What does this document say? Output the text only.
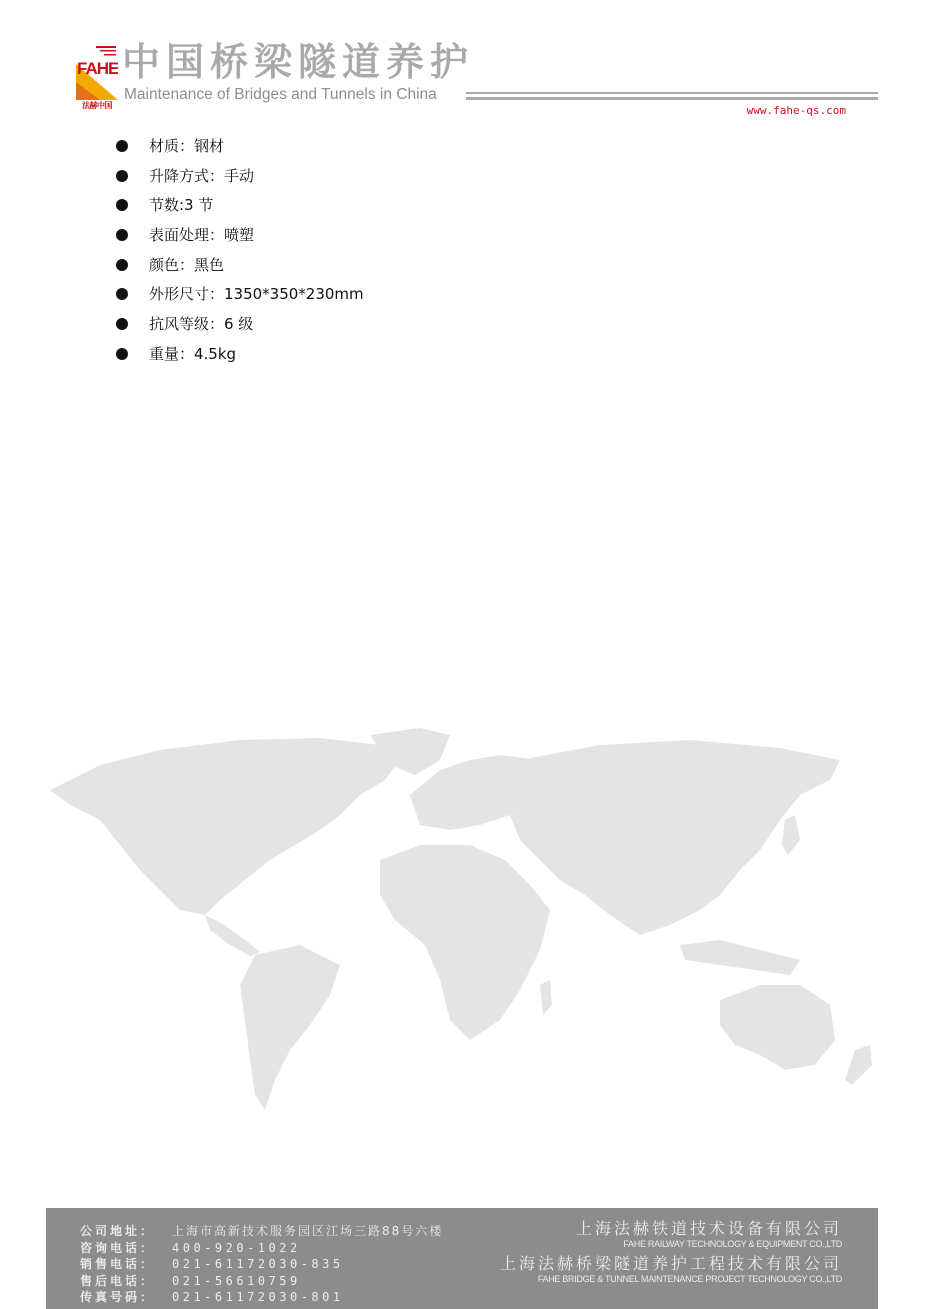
FAHE
法赫中国
中国桥梁隧道养护
Maintenance of Bridges and Tunnels in China
www.fahe-qs.com
材质：钢材
升降方式：手动
节数:3 节
表面处理：喷塑
颜色：黑色
外形尺寸：1350*350*230mm
抗风等级：6 级
重量：4.5kg
公司地址： 上海市高新技术服务园区江场三路88号六楼
咨询电话： 400-920-1022
销售电话： 021-61172030-835
售后电话： 021-56610759
传真号码： 021-61172030-801
上海法赫铁道技术设备有限公司
FAHE RAILWAY TECHNOLOGY & EQUIPMENT CO.,LTD
上海法赫桥梁隧道养护工程技术有限公司
FAHE BRIDGE & TUNNEL MAINTENANCE PROJECT TECHNOLOGY CO.,LTD
